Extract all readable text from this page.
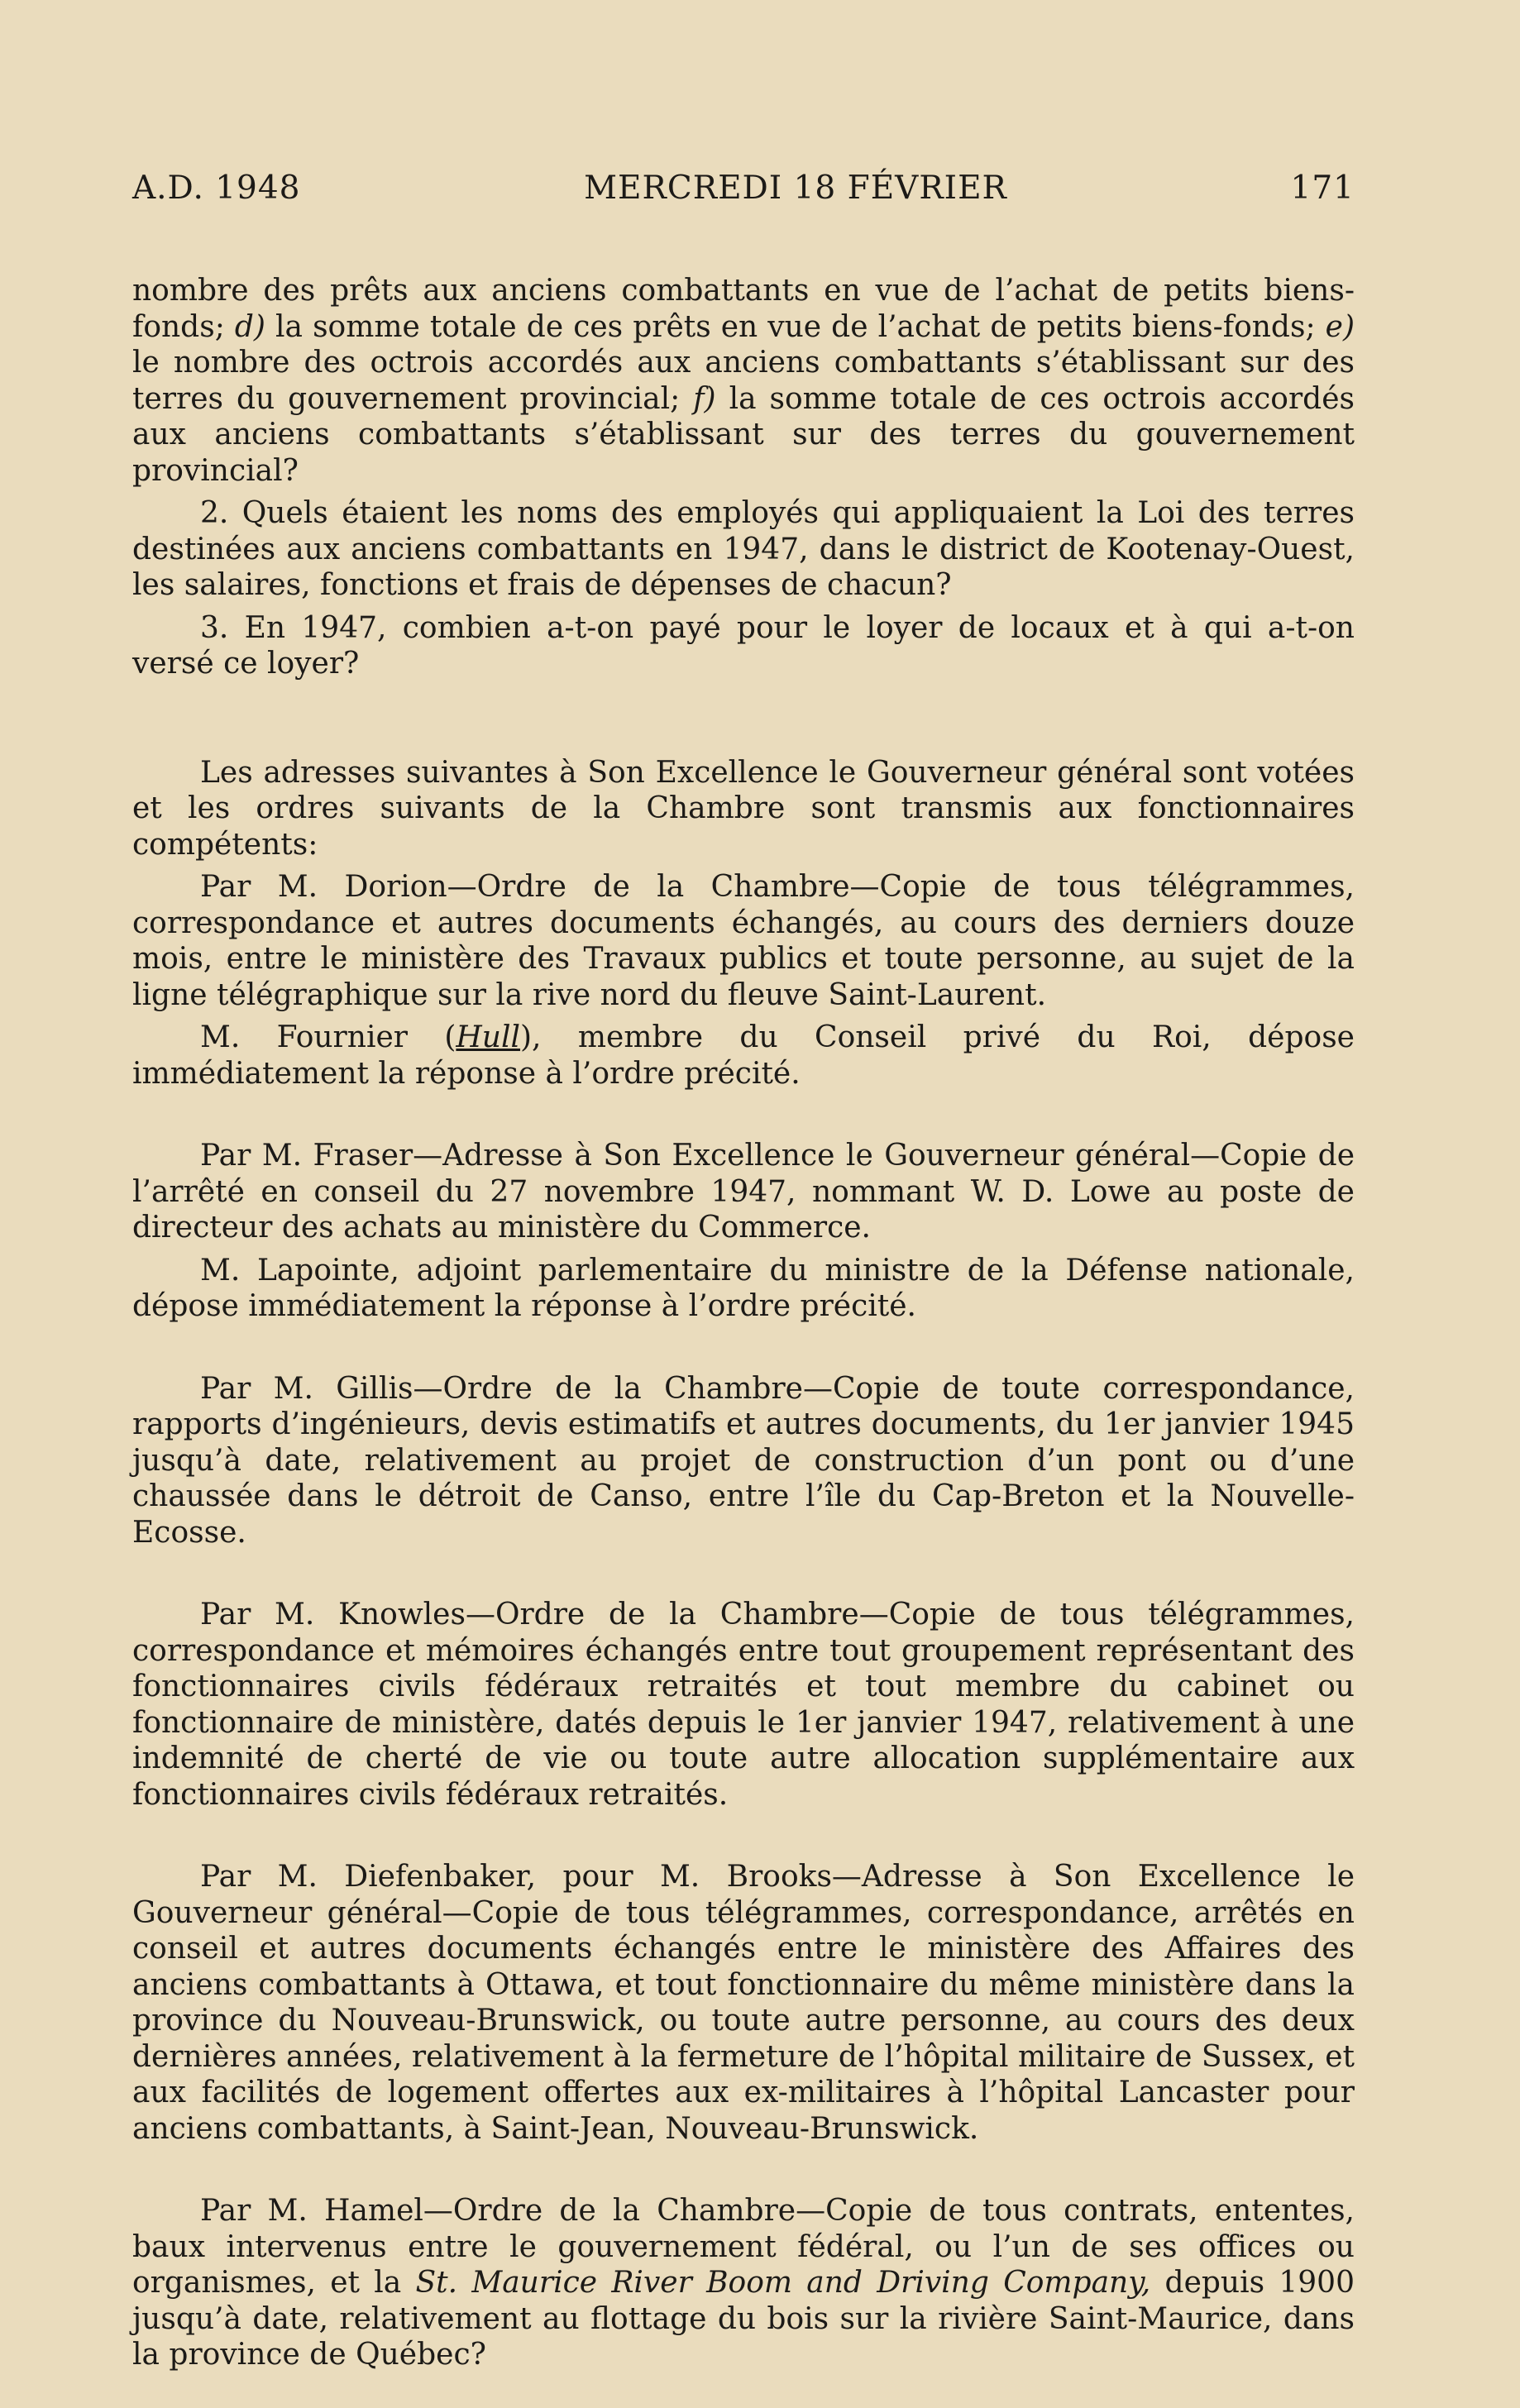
A.D. 1948	MERCREDI 18 FÉVRIER	171

nombre des prêts aux anciens combattants en vue de l’achat de petits biens-fonds; d) la somme totale de ces prêts en vue de l’achat de petits biens-fonds; e) le nombre des octrois accordés aux anciens combattants s’établissant sur des terres du gouvernement provincial; f) la somme totale de ces octrois accordés aux anciens combattants s’établissant sur des terres du gouvernement provincial?

2. Quels étaient les noms des employés qui appliquaient la Loi des terres destinées aux anciens combattants en 1947, dans le district de Kootenay-Ouest, les salaires, fonctions et frais de dépenses de chacun?

3. En 1947, combien a-t-on payé pour le loyer de locaux et à qui a-t-on versé ce loyer?

Les adresses suivantes à Son Excellence le Gouverneur général sont votées et les ordres suivants de la Chambre sont transmis aux fonctionnaires compétents:

Par M. Dorion—Ordre de la Chambre—Copie de tous télégrammes, correspondance et autres documents échangés, au cours des derniers douze mois, entre le ministère des Travaux publics et toute personne, au sujet de la ligne télégraphique sur la rive nord du fleuve Saint-Laurent.

M. Fournier (Hull), membre du Conseil privé du Roi, dépose immédiatement la réponse à l’ordre précité.

Par M. Fraser—Adresse à Son Excellence le Gouverneur général—Copie de l’arrêté en conseil du 27 novembre 1947, nommant W. D. Lowe au poste de directeur des achats au ministère du Commerce.

M. Lapointe, adjoint parlementaire du ministre de la Défense nationale, dépose immédiatement la réponse à l’ordre précité.

Par M. Gillis—Ordre de la Chambre—Copie de toute correspondance, rapports d’ingénieurs, devis estimatifs et autres documents, du 1er janvier 1945 jusqu’à date, relativement au projet de construction d’un pont ou d’une chaussée dans le détroit de Canso, entre l’île du Cap-Breton et la Nouvelle-Ecosse.

Par M. Knowles—Ordre de la Chambre—Copie de tous télégrammes, correspondance et mémoires échangés entre tout groupement représentant des fonctionnaires civils fédéraux retraités et tout membre du cabinet ou fonctionnaire de ministère, datés depuis le 1er janvier 1947, relativement à une indemnité de cherté de vie ou toute autre allocation supplémentaire aux fonctionnaires civils fédéraux retraités.

Par M. Diefenbaker, pour M. Brooks—Adresse à Son Excellence le Gouverneur général—Copie de tous télégrammes, correspondance, arrêtés en conseil et autres documents échangés entre le ministère des Affaires des anciens combattants à Ottawa, et tout fonctionnaire du même ministère dans la province du Nouveau-Brunswick, ou toute autre personne, au cours des deux dernières années, relativement à la fermeture de l’hôpital militaire de Sussex, et aux facilités de logement offertes aux ex-militaires à l’hôpital Lancaster pour anciens combattants, à Saint-Jean, Nouveau-Brunswick.

Par M. Hamel—Ordre de la Chambre—Copie de tous contrats, ententes, baux intervenus entre le gouvernement fédéral, ou l’un de ses offices ou organismes, et la St. Maurice River Boom and Driving Company, depuis 1900 jusqu’à date, relativement au flottage du bois sur la rivière Saint-Maurice, dans la province de Québec?
